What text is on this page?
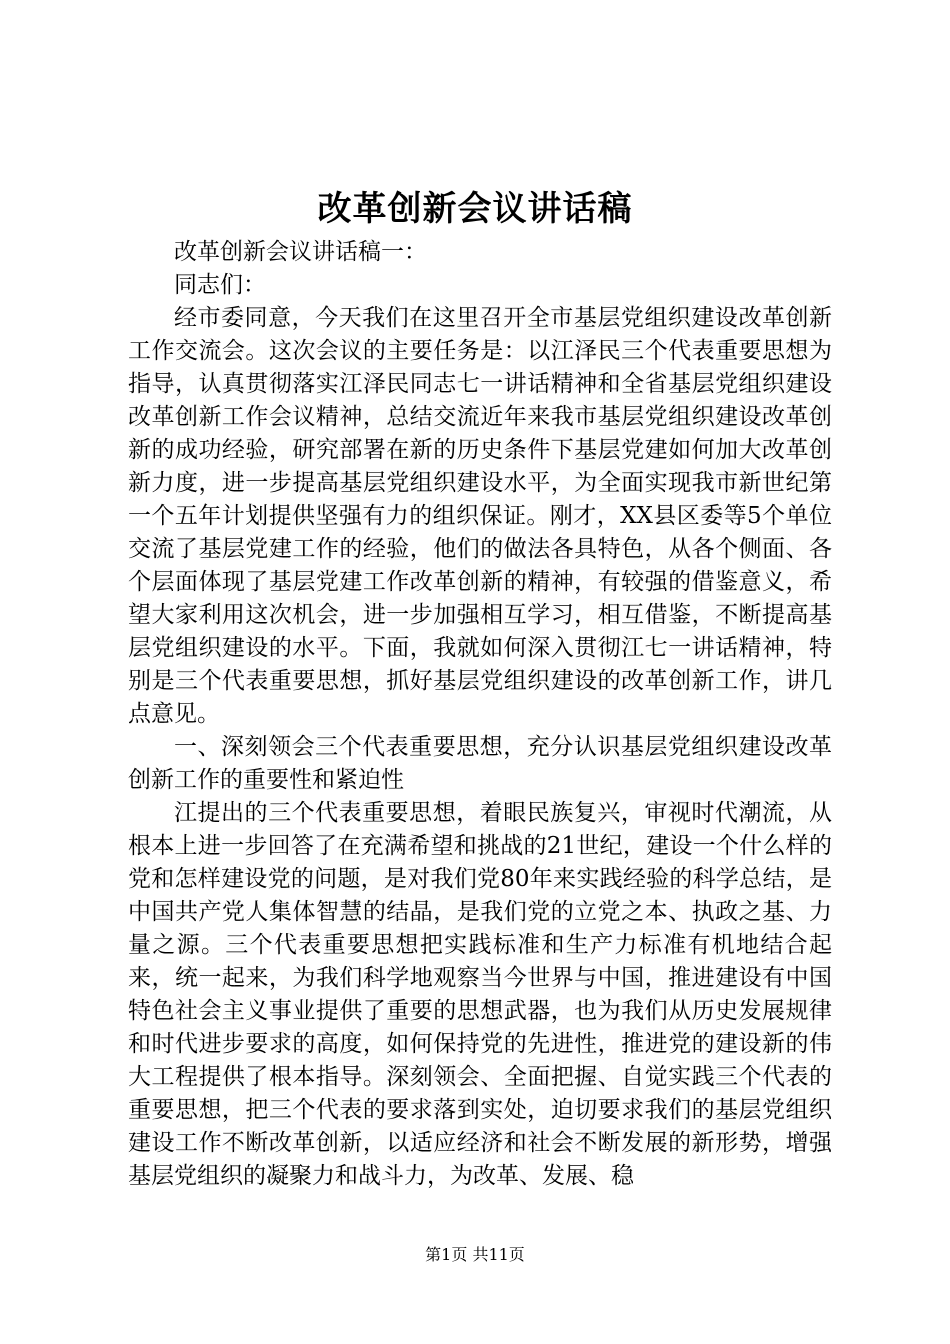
改革创新会议讲话稿

改革创新会议讲话稿一：

同志们：

经市委同意，今天我们在这里召开全市基层党组织建设改革创新工作交流会。这次会议的主要任务是：以江泽民三个代表重要思想为指导，认真贯彻落实江泽民同志七一讲话精神和全省基层党组织建设改革创新工作会议精神，总结交流近年来我市基层党组织建设改革创新的成功经验，研究部署在新的历史条件下基层党建如何加大改革创新力度，进一步提高基层党组织建设水平，为全面实现我市新世纪第一个五年计划提供坚强有力的组织保证。刚才，XX县区委等5个单位交流了基层党建工作的经验，他们的做法各具特色，从各个侧面、各个层面体现了基层党建工作改革创新的精神，有较强的借鉴意义，希望大家利用这次机会，进一步加强相互学习，相互借鉴，不断提高基层党组织建设的水平。下面，我就如何深入贯彻江七一讲话精神，特别是三个代表重要思想，抓好基层党组织建设的改革创新工作，讲几点意见。

一、深刻领会三个代表重要思想，充分认识基层党组织建设改革创新工作的重要性和紧迫性

江提出的三个代表重要思想，着眼民族复兴，审视时代潮流，从根本上进一步回答了在充满希望和挑战的21世纪，建设一个什么样的党和怎样建设党的问题，是对我们党80年来实践经验的科学总结，是中国共产党人集体智慧的结晶，是我们党的立党之本、执政之基、力量之源。三个代表重要思想把实践标准和生产力标准有机地结合起来，统一起来，为我们科学地观察当今世界与中国，推进建设有中国特色社会主义事业提供了重要的思想武器，也为我们从历史发展规律和时代进步要求的高度，如何保持党的先进性，推进党的建设新的伟大工程提供了根本指导。深刻领会、全面把握、自觉实践三个代表的重要思想，把三个代表的要求落到实处，迫切要求我们的基层党组织建设工作不断改革创新，以适应经济和社会不断发展的新形势，增强基层党组织的凝聚力和战斗力，为改革、发展、稳

第1页 共11页
